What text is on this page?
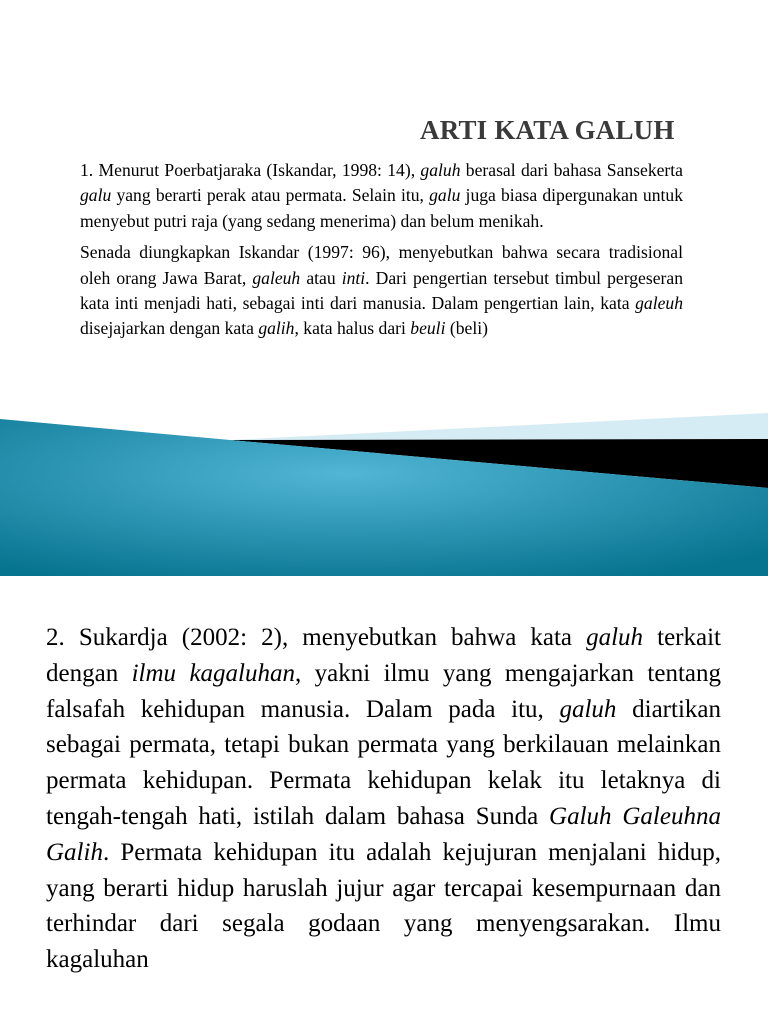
ARTI KATA GALUH

1. Menurut Poerbatjaraka (Iskandar, 1998: 14), galuh berasal dari bahasa Sansekerta galu yang berarti perak atau permata. Selain itu, galu juga biasa dipergunakan untuk menyebut putri raja (yang sedang menerima) dan belum menikah.

Senada diungkapkan Iskandar (1997: 96), menyebutkan bahwa secara tradisional oleh orang Jawa Barat, galeuh atau inti. Dari pengertian tersebut timbul pergeseran kata inti menjadi hati, sebagai inti dari manusia. Dalam pengertian lain, kata galeuh disejajarkan dengan kata galih, kata halus dari beuli (beli)

2. Sukardja (2002: 2), menyebutkan bahwa kata galuh terkait dengan ilmu kagaluhan, yakni ilmu yang mengajarkan tentang falsafah kehidupan manusia. Dalam pada itu, galuh diartikan sebagai permata, tetapi bukan permata yang berkilauan melainkan permata kehidupan. Permata kehidupan kelak itu letaknya di tengah-tengah hati, istilah dalam bahasa Sunda Galuh Galeuhna Galih. Permata kehidupan itu adalah kejujuran menjalani hidup, yang berarti hidup haruslah jujur agar tercapai kesempurnaan dan terhindar dari segala godaan yang menyengsarakan. Ilmu kagaluhan
